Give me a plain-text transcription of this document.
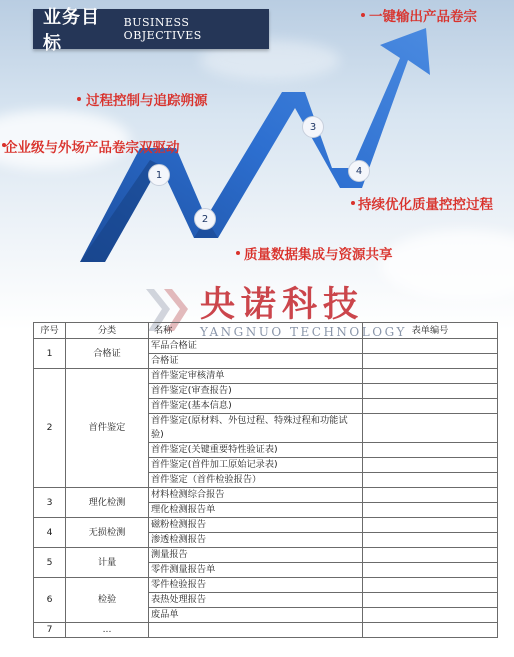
业务目标
BUSINESS OBJECTIVES
1
2
3
4
一键输出产品卷宗
过程控制与追踪朔源
企业级与外场产品卷宗双驱动
持续优化质量控控过程
质量数据集成与资源共享
央诺科技
YANGNUO TECHNOLOGY
序号	分类	名称	表单编号
1	合格证	军品合格证	
		合格证	
2	首件鉴定	首件鉴定审核清单	
		首件鉴定(审查报告)	
		首件鉴定(基本信息)	
		首件鉴定(原材料、外包过程、特殊过程和功能试验)	
		首件鉴定(关键重要特性验证表)	
		首件鉴定(首件加工原始记录表)	
		首件鉴定（首件检验报告）	
3	理化检测	材料检测综合报告	
		理化检测报告单	
4	无损检测	磁粉检测报告	
		渗透检测报告	
5	计量	测量报告	
		零件测量报告单	
6	检验	零件检验报告	
		表热处理报告	
		废品单	
7	...		
